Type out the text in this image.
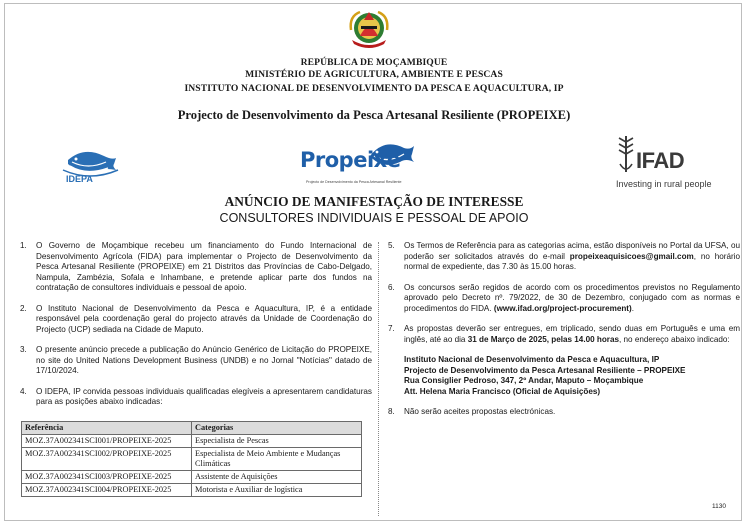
REPÚBLICA DE MOÇAMBIQUE
MINISTÉRIO DE AGRICULTURA, AMBIENTE E PESCAS
INSTITUTO NACIONAL DE DESENVOLVIMENTO DA PESCA E AQUACULTURA, IP
Projecto de Desenvolvimento da Pesca Artesanal Resiliente (PROPEIXE)
IDEPA
Propeixe
Projecto de Desenvolvimento da Pesca Artesanal Resiliente
IFAD
Investing in rural people
ANÚNCIO DE MANIFESTAÇÃO DE INTERESSE
CONSULTORES INDIVIDUAIS E PESSOAL DE APOIO
1.	O Governo de Moçambique recebeu um financiamento do Fundo Internacional de Desenvolvimento Agrícola (FIDA) para implementar o Projecto de Desenvolvimento da Pesca Artesanal Resiliente (PROPEIXE) em 21 Distritos das Províncias de Cabo-Delgado, Nampula, Zambézia, Sofala e Inhambane, e pretende aplicar parte dos fundos na contratação de consultores individuais e pessoal de apoio.
2.	O Instituto Nacional de Desenvolvimento da Pesca e Aquacultura, IP, é a entidade responsável pela coordenação geral do projecto através da Unidade de Coordenação do Projecto (UCP) sediada na Cidade de Maputo.
3.	O presente anúncio precede a publicação do Anúncio Genérico de Licitação do PROPEIXE, no site do United Nations Development Business (UNDB) e no Jornal "Notícias" datado de 17/10/2024.
4.	O IDEPA, IP convida pessoas individuais qualificadas elegíveis a apresentarem candidaturas para as posições abaixo indicadas:
Referência	Categorias
MOZ.37A002341SCI001/PROPEIXE-2025	Especialista de Pescas
MOZ.37A002341SCI002/PROPEIXE-2025	Especialista de Meio Ambiente e Mudanças Climáticas
MOZ.37A002341SCI003/PROPEIXE-2025	Assistente de Aquisições
MOZ.37A002341SCI004/PROPEIXE-2025	Motorista e Auxiliar de logística
5.	Os Termos de Referência para as categorias acima, estão disponíveis no Portal da UFSA, ou poderão ser solicitados através do e-mail propeixeaquisicoes@gmail.com, no horário normal de expediente, das 7.30 às 15.00 horas.
6.	Os concursos serão regidos de acordo com os procedimentos previstos no Regulamento aprovado pelo Decreto nº. 79/2022, de 30 de Dezembro, conjugado com as normas e procedimentos do FIDA. (www.ifad.org/project-procurement).
7.	As propostas deverão ser entregues, em triplicado, sendo duas em Português e uma em inglês, até ao dia 31 de Março de 2025, pelas 14.00 horas, no endereço abaixo indicado:
Instituto Nacional de Desenvolvimento da Pesca e Aquacultura, IP
Projecto de Desenvolvimento da Pesca Artesanal Resiliente – PROPEIXE
Rua Consiglier Pedroso, 347, 2º Andar, Maputo – Moçambique
Att. Helena Maria Francisco (Oficial de Aquisições)
8.	Não serão aceites propostas electrónicas.
1130
